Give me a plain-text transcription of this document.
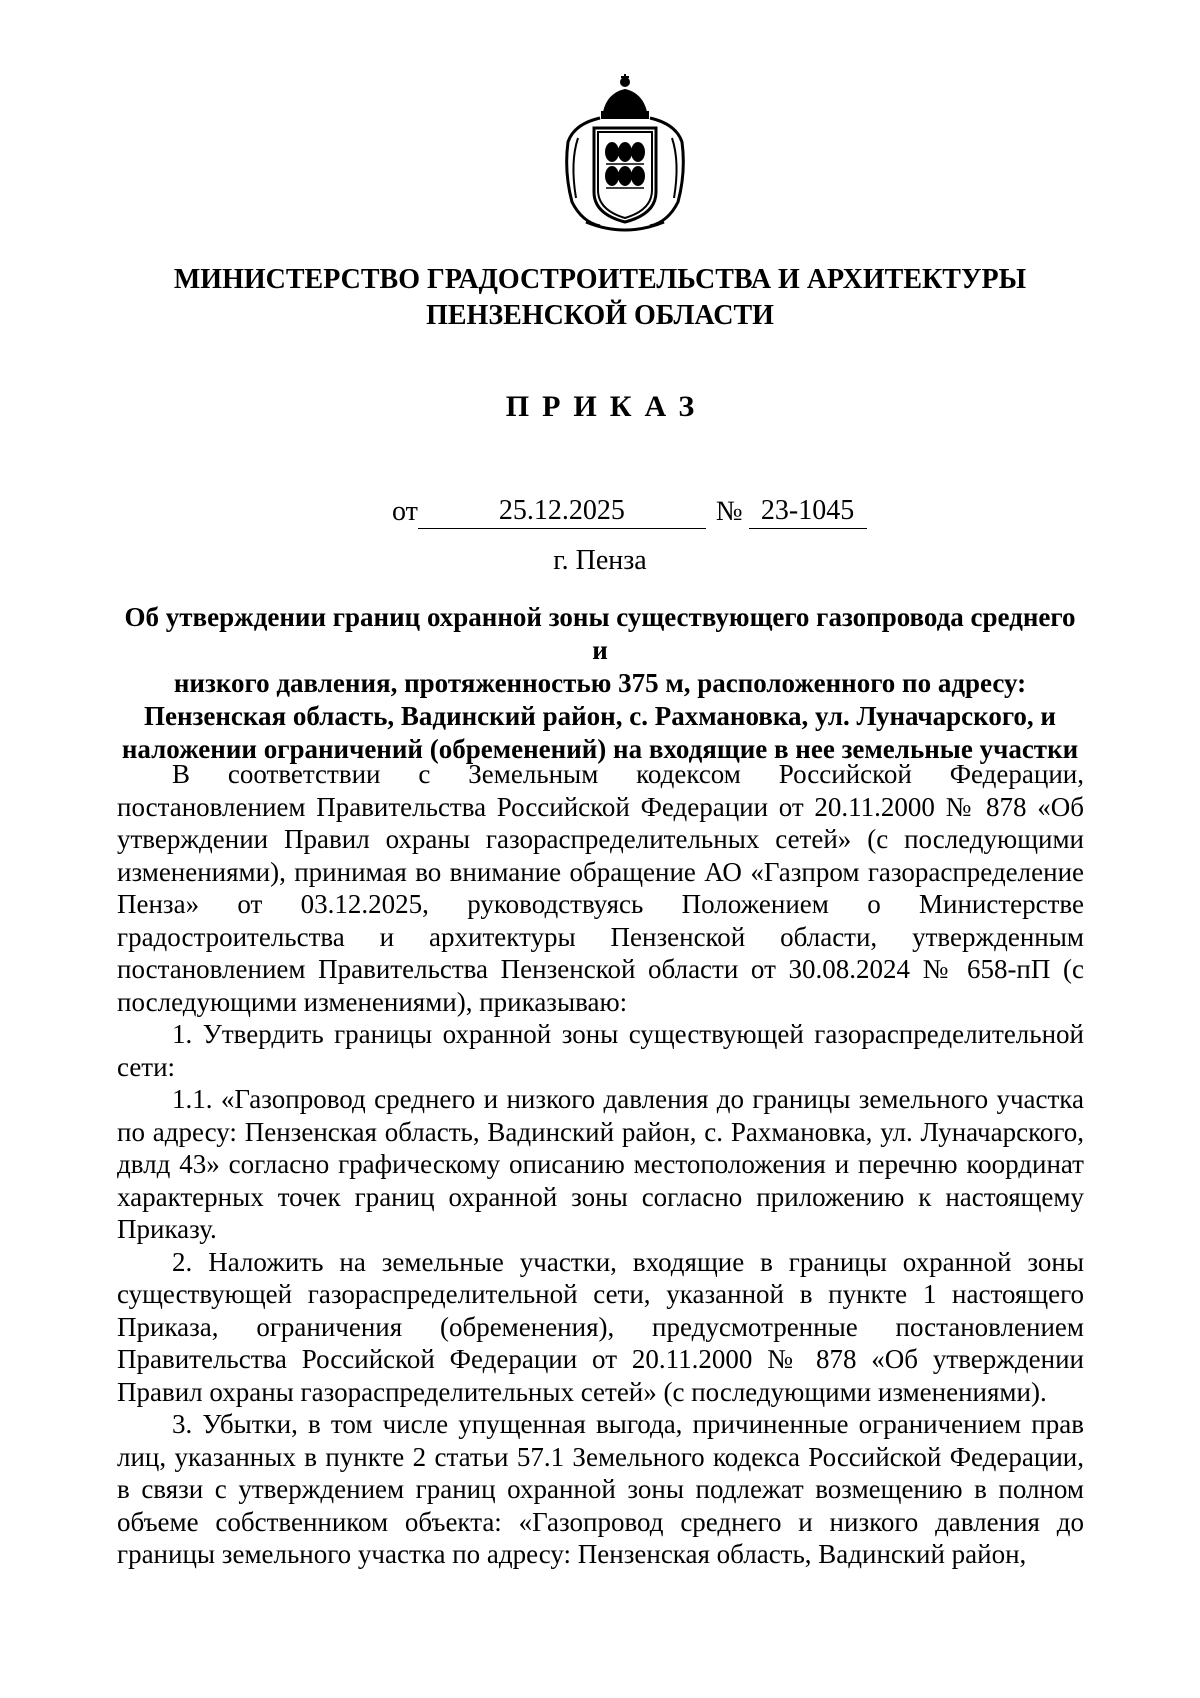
МИНИСТЕРСТВО ГРАДОСТРОИТЕЛЬСТВА И АРХИТЕКТУРЫ
ПЕНЗЕНСКОЙ ОБЛАСТИ
ПРИКАЗ
от	25.12.2025	№ 23-1045
г. Пенза
Об утверждении границ охранной зоны существующего газопровода среднего и
низкого давления, протяженностью 375 м, расположенного по адресу:
Пензенская область, Вадинский район, с. Рахмановка, ул. Луначарского, и
наложении ограничений (обременений) на входящие в нее земельные участки

В соответствии с Земельным кодексом Российской Федерации, постановлением Правительства Российской Федерации от 20.11.2000 № 878 «Об утверждении Правил охраны газораспределительных сетей» (с последующими изменениями), принимая во внимание обращение АО «Газпром газораспределение Пенза» от 03.12.2025, руководствуясь Положением о Министерстве градостроительства и архитектуры Пензенской области, утвержденным постановлением Правительства Пензенской области от 30.08.2024 № 658-пП (с последующими изменениями), приказываю:

1. Утвердить границы охранной зоны существующей газораспределительной сети:

1.1. «Газопровод среднего и низкого давления до границы земельного участка по адресу: Пензенская область, Вадинский район, с. Рахмановка, ул. Луначарского, двлд 43» согласно графическому описанию местоположения и перечню координат характерных точек границ охранной зоны согласно приложению к настоящему Приказу.

2. Наложить на земельные участки, входящие в границы охранной зоны существующей газораспределительной сети, указанной в пункте 1 настоящего Приказа, ограничения (обременения), предусмотренные постановлением Правительства Российской Федерации от 20.11.2000 № 878 «Об утверждении Правил охраны газораспределительных сетей» (с последующими изменениями).

3. Убытки, в том числе упущенная выгода, причиненные ограничением прав лиц, указанных в пункте 2 статьи 57.1 Земельного кодекса Российской Федерации, в связи с утверждением границ охранной зоны подлежат возмещению в полном объеме собственником объекта: «Газопровод среднего и низкого давления до границы земельного участка по адресу: Пензенская область, Вадинский район,
